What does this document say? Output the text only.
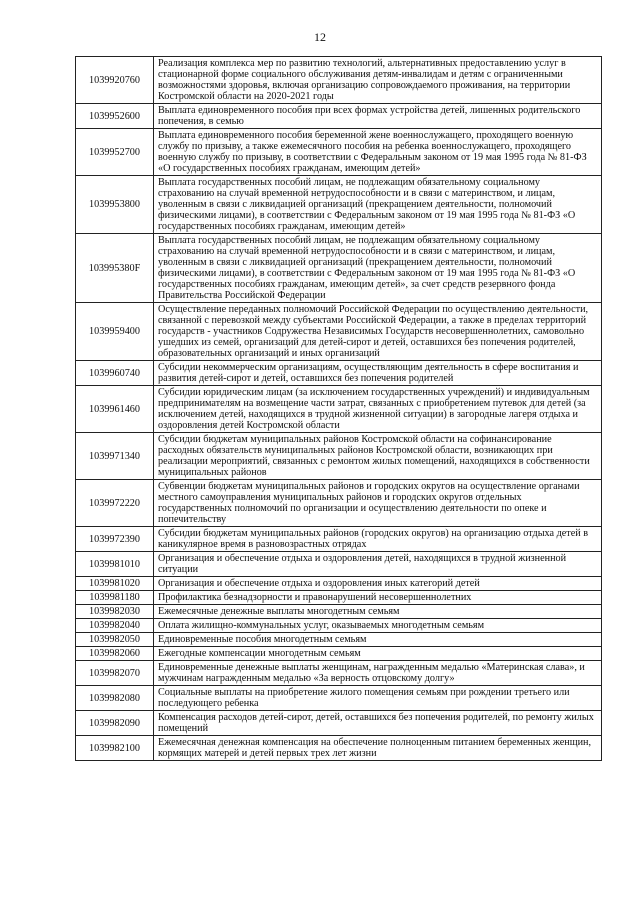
12
1039920760	Реализация комплекса мер по развитию технологий, альтернативных предоставлению услуг в стационарной форме социального обслуживания детям-инвалидам и детям с ограниченными возможностями здоровья, включая организацию сопровождаемого проживания, на территории Костромской области на 2020-2021 годы
1039952600	Выплата единовременного пособия при всех формах устройства детей, лишенных родительского попечения, в семью
1039952700	Выплата единовременного пособия беременной жене военнослужащего, проходящего военную службу по призыву, а также ежемесячного пособия на ребенка военнослужащего, проходящего военную службу по призыву, в соответствии с Федеральным законом от 19 мая 1995 года № 81-ФЗ «О государственных пособиях гражданам, имеющим детей»
1039953800	Выплата государственных пособий лицам, не подлежащим обязательному социальному страхованию на случай временной нетрудоспособности и в связи с материнством, и лицам, уволенным в связи с ликвидацией организаций (прекращением деятельности, полномочий физическими лицами), в соответствии с Федеральным законом от 19 мая 1995 года № 81-ФЗ «О государственных пособиях гражданам, имеющим детей»
103995380F	Выплата государственных пособий лицам, не подлежащим обязательному социальному страхованию на случай временной нетрудоспособности и в связи с материнством, и лицам, уволенным в связи с ликвидацией организаций (прекращением деятельности, полномочий физическими лицами), в соответствии с Федеральным законом от 19 мая 1995 года № 81-ФЗ «О государственных пособиях гражданам, имеющим детей», за счет средств резервного фонда Правительства Российской Федерации
1039959400	Осуществление переданных полномочий Российской Федерации по осуществлению деятельности, связанной с перевозкой между субъектами Российской Федерации, а также в пределах территорий государств - участников Содружества Независимых Государств несовершеннолетних, самовольно ушедших из семей, организаций для детей-сирот и детей, оставшихся без попечения родителей, образовательных организаций и иных организаций
1039960740	Субсидии некоммерческим организациям, осуществляющим деятельность в сфере воспитания и развития детей-сирот и детей, оставшихся без попечения родителей
1039961460	Субсидии юридическим лицам (за исключением государственных учреждений) и индивидуальным предпринимателям на возмещение части затрат, связанных с приобретением путевок для детей (за исключением детей, находящихся в трудной жизненной ситуации) в загородные лагеря отдыха и оздоровления детей Костромской области
1039971340	Субсидии бюджетам муниципальных районов Костромской области на софинансирование расходных обязательств муниципальных районов Костромской области, возникающих при реализации мероприятий, связанных с ремонтом жилых помещений, находящихся в собственности муниципальных районов
1039972220	Субвенции бюджетам муниципальных районов и городских округов на осуществление органами местного самоуправления муниципальных районов и городских округов отдельных государственных полномочий по организации и осуществлению деятельности по опеке и попечительству
1039972390	Субсидии бюджетам муниципальных районов (городских округов) на организацию отдыха детей в каникулярное время в разновозрастных отрядах
1039981010	Организация и обеспечение отдыха и оздоровления детей, находящихся в трудной жизненной ситуации
1039981020	Организация и обеспечение отдыха и оздоровления иных категорий детей
1039981180	Профилактика безнадзорности и правонарушений несовершеннолетних
1039982030	Ежемесячные денежные выплаты многодетным семьям
1039982040	Оплата жилищно-коммунальных услуг, оказываемых многодетным семьям
1039982050	Единовременные пособия многодетным семьям
1039982060	Ежегодные компенсации многодетным семьям
1039982070	Единовременные денежные выплаты женщинам, награжденным медалью «Материнская слава», и мужчинам награжденным медалью «За верность отцовскому долгу»
1039982080	Социальные выплаты на приобретение жилого помещения семьям при рождении третьего или последующего ребенка
1039982090	Компенсация расходов детей-сирот, детей, оставшихся без попечения родителей, по ремонту жилых помещений
1039982100	Ежемесячная денежная компенсация на обеспечение полноценным питанием беременных женщин, кормящих матерей и детей первых трех лет жизни
